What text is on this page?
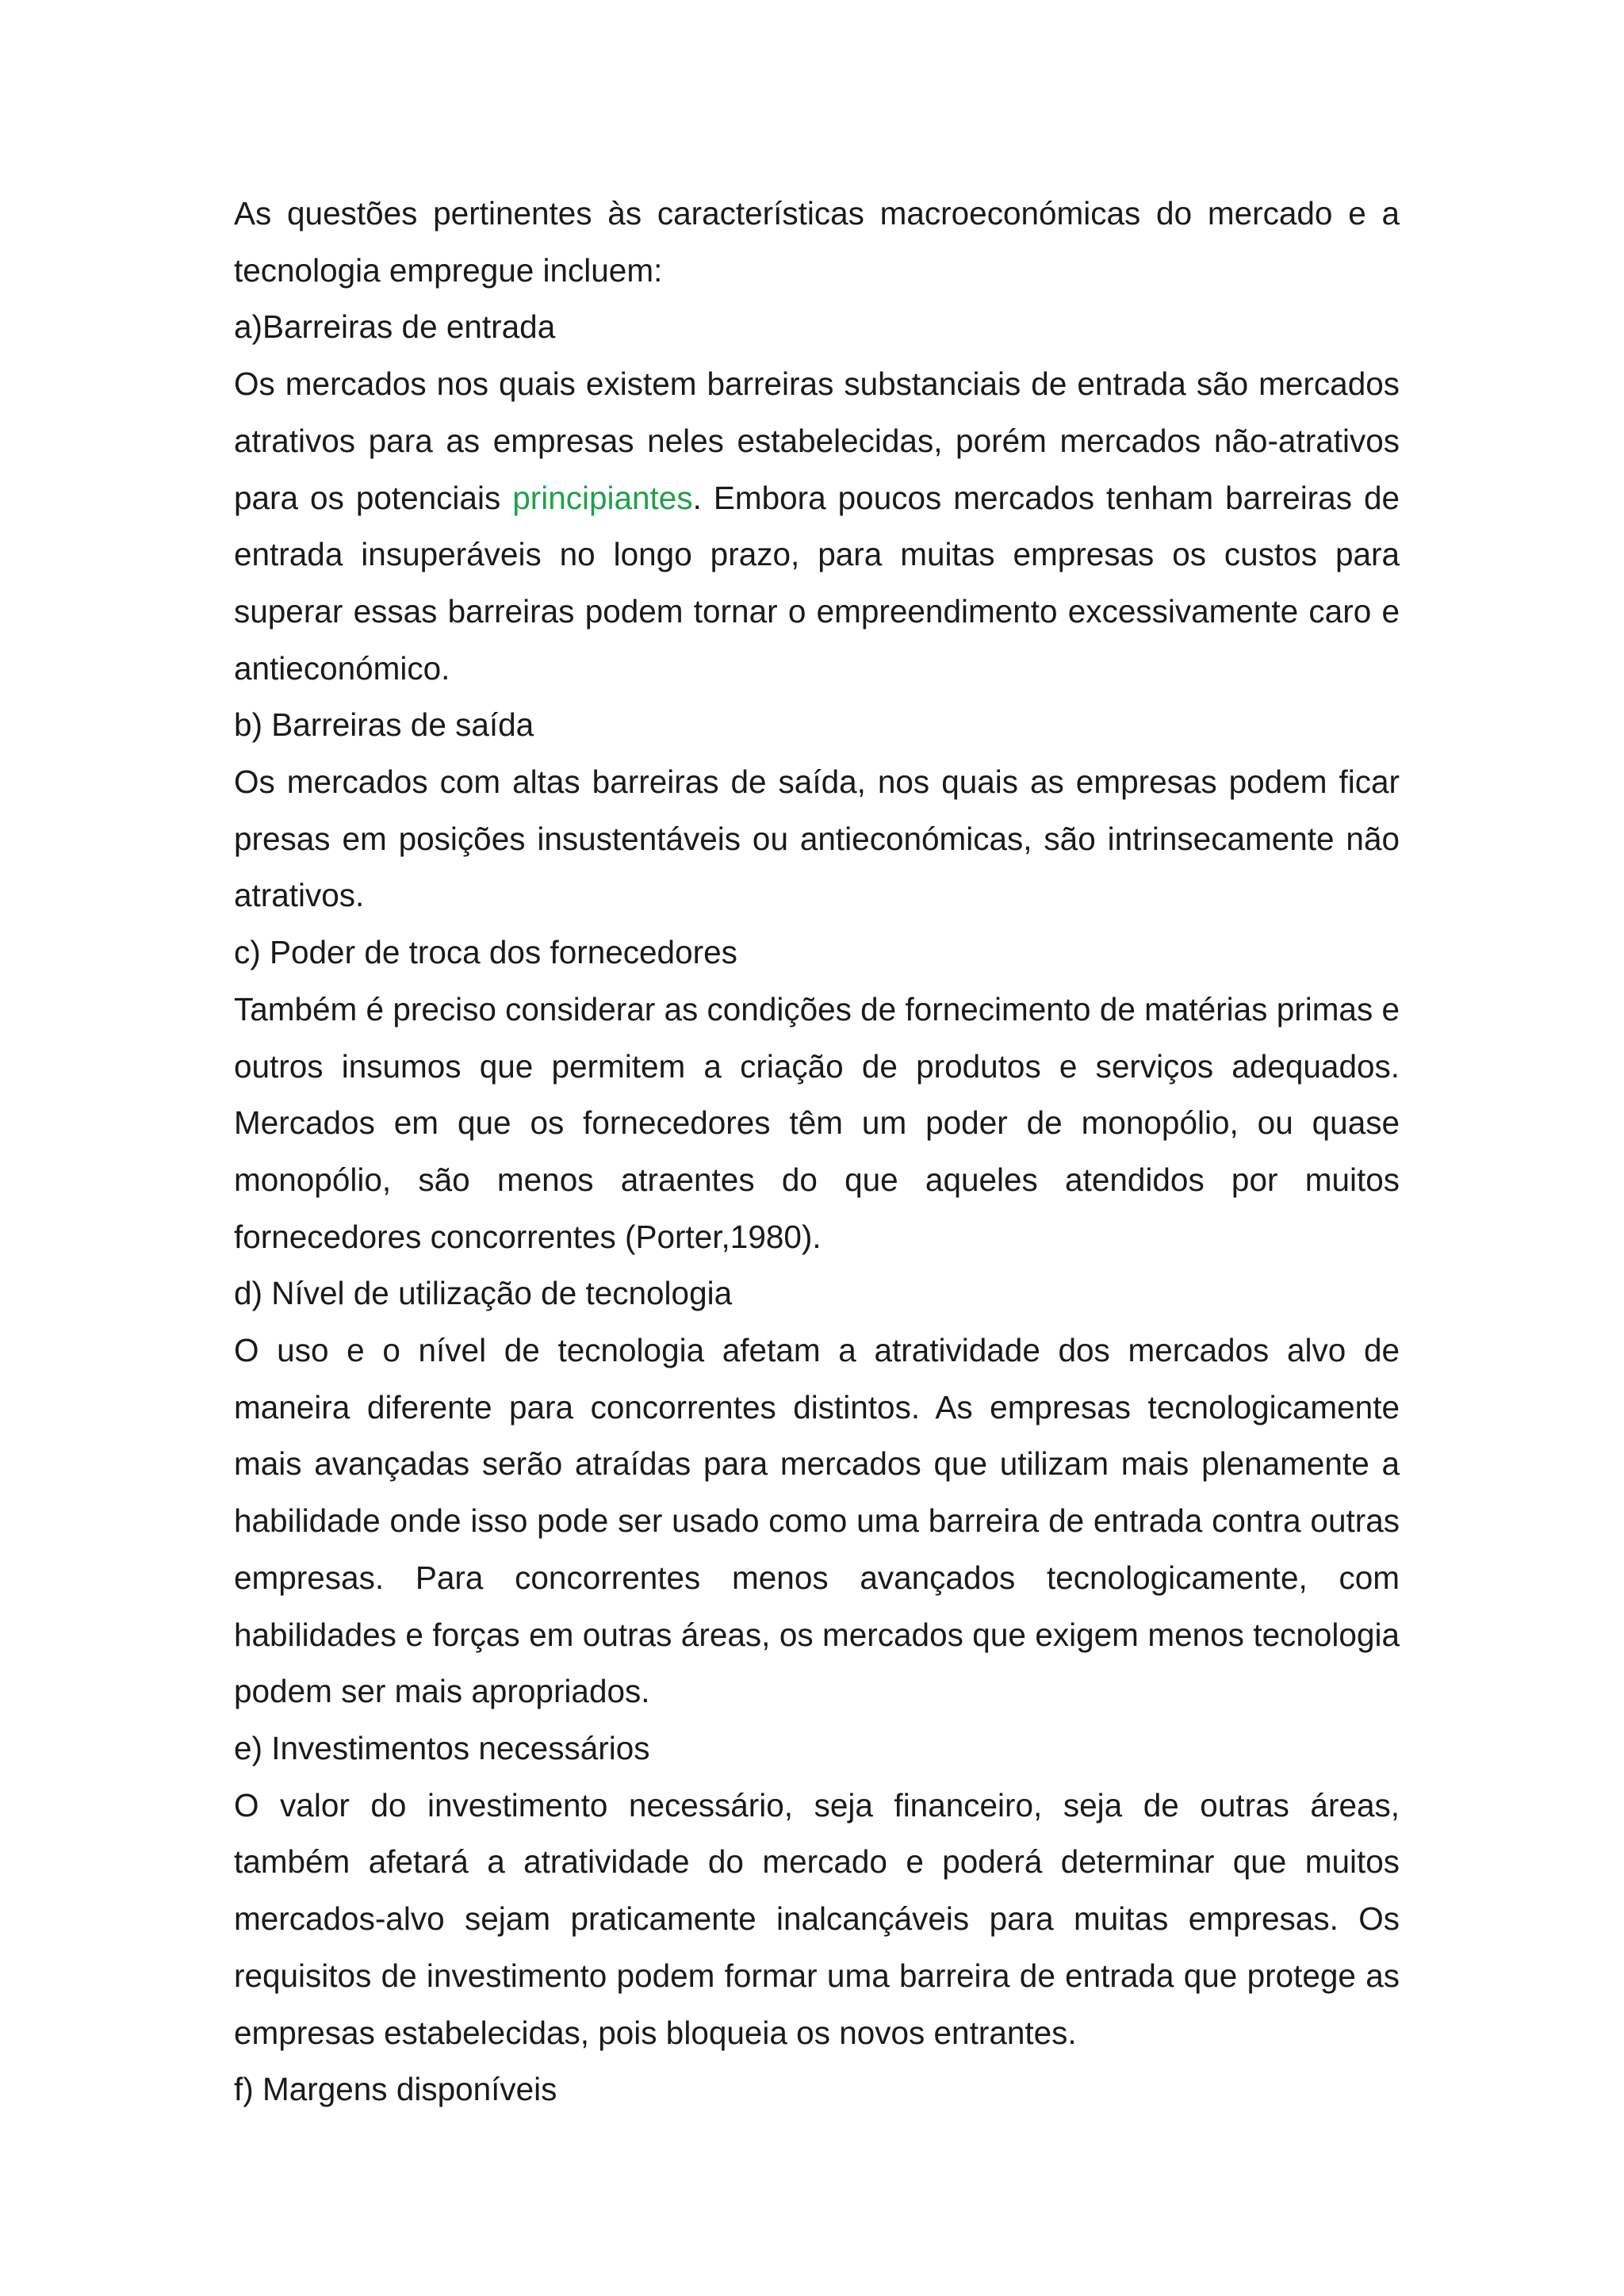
As questões pertinentes às características macroeconómicas do mercado e a tecnologia empregue incluem:

a)Barreiras de entrada

Os mercados nos quais existem barreiras substanciais de entrada são mercados atrativos para as empresas neles estabelecidas, porém mercados não-atrativos para os potenciais principiantes. Embora poucos mercados tenham barreiras de entrada insuperáveis no longo prazo, para muitas empresas os custos para superar essas barreiras podem tornar o empreendimento excessivamente caro e antieconómico.

b) Barreiras de saída

Os mercados com altas barreiras de saída, nos quais as empresas podem ficar presas em posições insustentáveis ou antieconómicas, são intrinsecamente não atrativos.

c) Poder de troca dos fornecedores

Também é preciso considerar as condições de fornecimento de matérias primas e outros insumos que permitem a criação de produtos e serviços adequados. Mercados em que os fornecedores têm um poder de monopólio, ou quase monopólio, são menos atraentes do que aqueles atendidos por muitos fornecedores concorrentes (Porter,1980).

d) Nível de utilização de tecnologia

O uso e o nível de tecnologia afetam a atratividade dos mercados alvo de maneira diferente para concorrentes distintos. As empresas tecnologicamente mais avançadas serão atraídas para mercados que utilizam mais plenamente a habilidade onde isso pode ser usado como uma barreira de entrada contra outras empresas. Para concorrentes menos avançados tecnologicamente, com habilidades e forças em outras áreas, os mercados que exigem menos tecnologia podem ser mais apropriados.

e) Investimentos necessários

O valor do investimento necessário, seja financeiro, seja de outras áreas, também afetará a atratividade do mercado e poderá determinar que muitos mercados-alvo sejam praticamente inalcançáveis para muitas empresas. Os requisitos de investimento podem formar uma barreira de entrada que protege as empresas estabelecidas, pois bloqueia os novos entrantes.

f) Margens disponíveis
